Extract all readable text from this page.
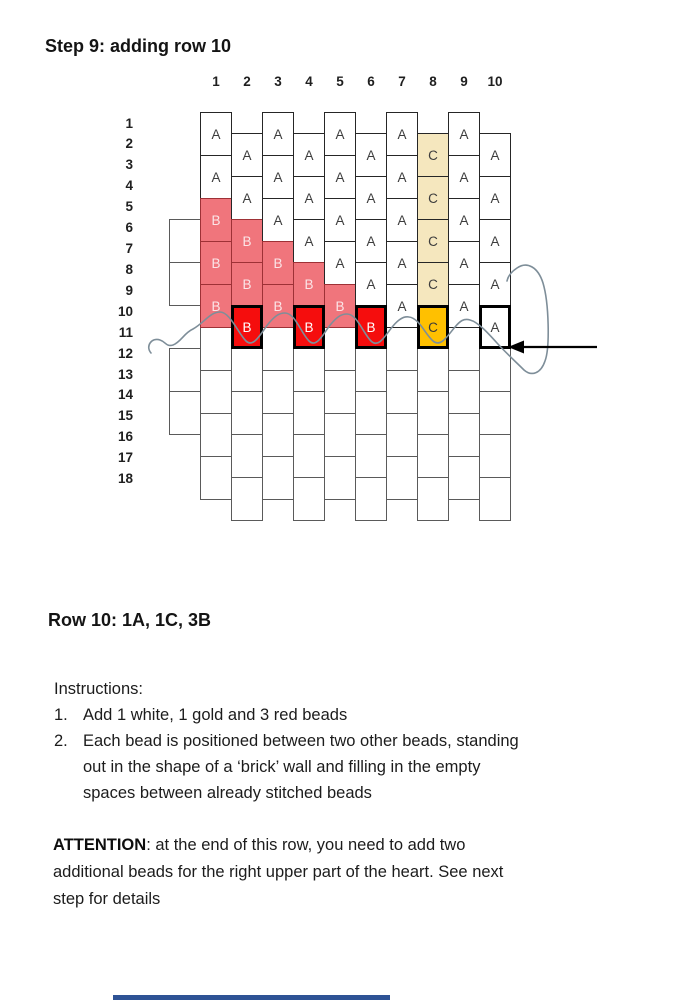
Step 9: adding row 10
A
A
B
B
B
A
A
B
B
B
A
A
A
B
B
A
A
A
B
B
A
A
A
A
B
A
A
A
A
B
A
A
A
A
A
C
C
C
C
C
A
A
A
A
A
A
A
A
A
A
1	2	3	4	5	6	7	8	9	10
1
2
3
4
5
6
7
8
9
10
11
12
13
14
15
16
17
18
Row 10: 1A, 1C, 3B
Instructions:
1. Add 1 white, 1 gold and 3 red beads
2. Each bead is positioned between two other beads, standing out in the shape of a ‘brick’ wall and filling in the empty spaces between already stitched beads
ATTENTION: at the end of this row, you need to add two additional beads for the right upper part of the heart. See next step for details
